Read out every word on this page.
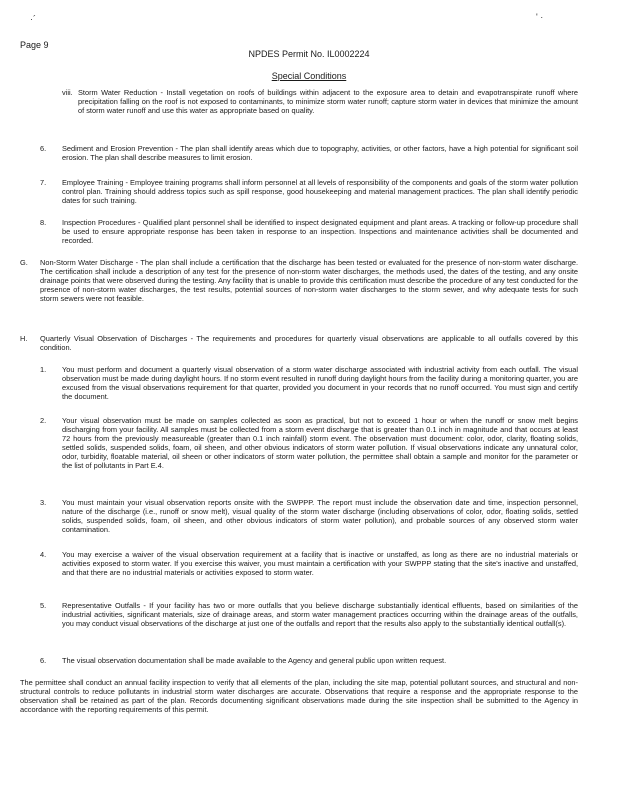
·´	' ·
Page 9
NPDES Permit No. IL0002224
Special Conditions
viii. Storm Water Reduction - Install vegetation on roofs of buildings within adjacent to the exposure area to detain and evapotranspirate runoff where precipitation falling on the roof is not exposed to contaminants, to minimize storm water runoff; capture storm water in devices that minimize the amount of storm water runoff and use this water as appropriate based on quality.
6. Sediment and Erosion Prevention - The plan shall identify areas which due to topography, activities, or other factors, have a high potential for significant soil erosion. The plan shall describe measures to limit erosion.
7. Employee Training - Employee training programs shall inform personnel at all levels of responsibility of the components and goals of the storm water pollution control plan. Training should address topics such as spill response, good housekeeping and material management practices. The plan shall identify periodic dates for such training.
8. Inspection Procedures - Qualified plant personnel shall be identified to inspect designated equipment and plant areas. A tracking or follow-up procedure shall be used to ensure appropriate response has been taken in response to an inspection. Inspections and maintenance activities shall be documented and recorded.
G. Non-Storm Water Discharge - The plan shall include a certification that the discharge has been tested or evaluated for the presence of non-storm water discharge. The certification shall include a description of any test for the presence of non-storm water discharges, the methods used, the dates of the testing, and any onsite drainage points that were observed during the testing. Any facility that is unable to provide this certification must describe the procedure of any test conducted for the presence of non-storm water discharges, the test results, potential sources of non-storm water discharges to the storm sewer, and why adequate tests for such storm sewers were not feasible.
H. Quarterly Visual Observation of Discharges - The requirements and procedures for quarterly visual observations are applicable to all outfalls covered by this condition.
1. You must perform and document a quarterly visual observation of a storm water discharge associated with industrial activity from each outfall. The visual observation must be made during daylight hours. If no storm event resulted in runoff during daylight hours from the facility during a monitoring quarter, you are excused from the visual observations requirement for that quarter, provided you document in your records that no runoff occurred. You must sign and certify the document.
2. Your visual observation must be made on samples collected as soon as practical, but not to exceed 1 hour or when the runoff or snow melt begins discharging from your facility. All samples must be collected from a storm event discharge that is greater than 0.1 inch in magnitude and that occurs at least 72 hours from the previously measureable (greater than 0.1 inch rainfall) storm event. The observation must document: color, odor, clarity, floating solids, settled solids, suspended solids, foam, oil sheen, and other obvious indicators of storm water pollution. If visual observations indicate any unnatural color, odor, turbidity, floatable material, oil sheen or other indicators of storm water pollution, the permittee shall obtain a sample and monitor for the parameter or the list of pollutants in Part E.4.
3. You must maintain your visual observation reports onsite with the SWPPP. The report must include the observation date and time, inspection personnel, nature of the discharge (i.e., runoff or snow melt), visual quality of the storm water discharge (including observations of color, odor, floating solids, settled solids, suspended solids, foam, oil sheen, and other obvious indicators of storm water pollution), and probable sources of any observed storm water contamination.
4. You may exercise a waiver of the visual observation requirement at a facility that is inactive or unstaffed, as long as there are no industrial materials or activities exposed to storm water. If you exercise this waiver, you must maintain a certification with your SWPPP stating that the site's inactive and unstaffed, and that there are no industrial materials or activities exposed to storm water.
5. Representative Outfalls - If your facility has two or more outfalls that you believe discharge substantially identical effluents, based on similarities of the industrial activities, significant materials, size of drainage areas, and storm water management practices occurring within the drainage areas of the outfalls, you may conduct visual observations of the discharge at just one of the outfalls and report that the results also apply to the substantially identical outfall(s).
6. The visual observation documentation shall be made available to the Agency and general public upon written request.
The permittee shall conduct an annual facility inspection to verify that all elements of the plan, including the site map, potential pollutant sources, and structural and non-structural controls to reduce pollutants in industrial storm water discharges are accurate. Observations that require a response and the appropriate response to the observation shall be retained as part of the plan. Records documenting significant observations made during the site inspection shall be submitted to the Agency in accordance with the reporting requirements of this permit.
